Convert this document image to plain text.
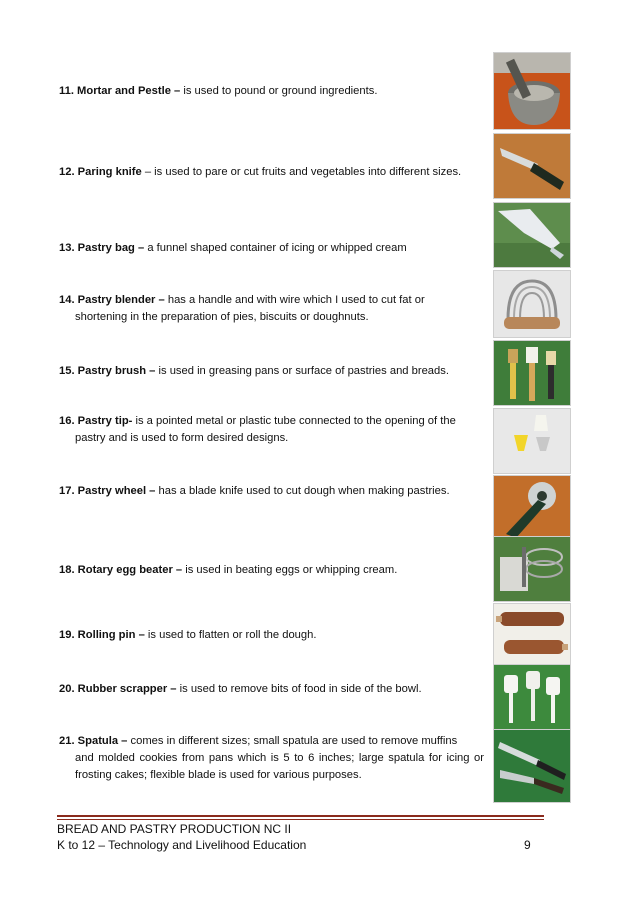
11. Mortar and Pestle – is used to pound or ground ingredients.
12. Paring knife – is used to pare or cut fruits and vegetables into different sizes.
13. Pastry bag – a funnel shaped container of icing or whipped cream
14. Pastry blender – has a handle and with wire which I used to cut fat or
shortening in the preparation of pies, biscuits or doughnuts.
15. Pastry brush – is used in greasing pans or surface of pastries and breads.
16. Pastry tip- is a pointed metal or plastic tube connected to the opening of the
pastry and is used to form desired designs.
17. Pastry wheel – has a blade knife used to cut dough when making pastries.
18. Rotary egg beater – is used in beating eggs or whipping cream.
19. Rolling pin – is used to flatten or roll the dough.
20. Rubber scrapper – is used to remove bits of food in side of the bowl.
21. Spatula – comes in different sizes; small spatula are used to remove muffins
and molded cookies from pans which is 5 to 6 inches; large spatula for icing or frosting cakes; flexible blade is used for various purposes.
BREAD AND PASTRY PRODUCTION NC II
K to 12 – Technology and Livelihood Education	9
